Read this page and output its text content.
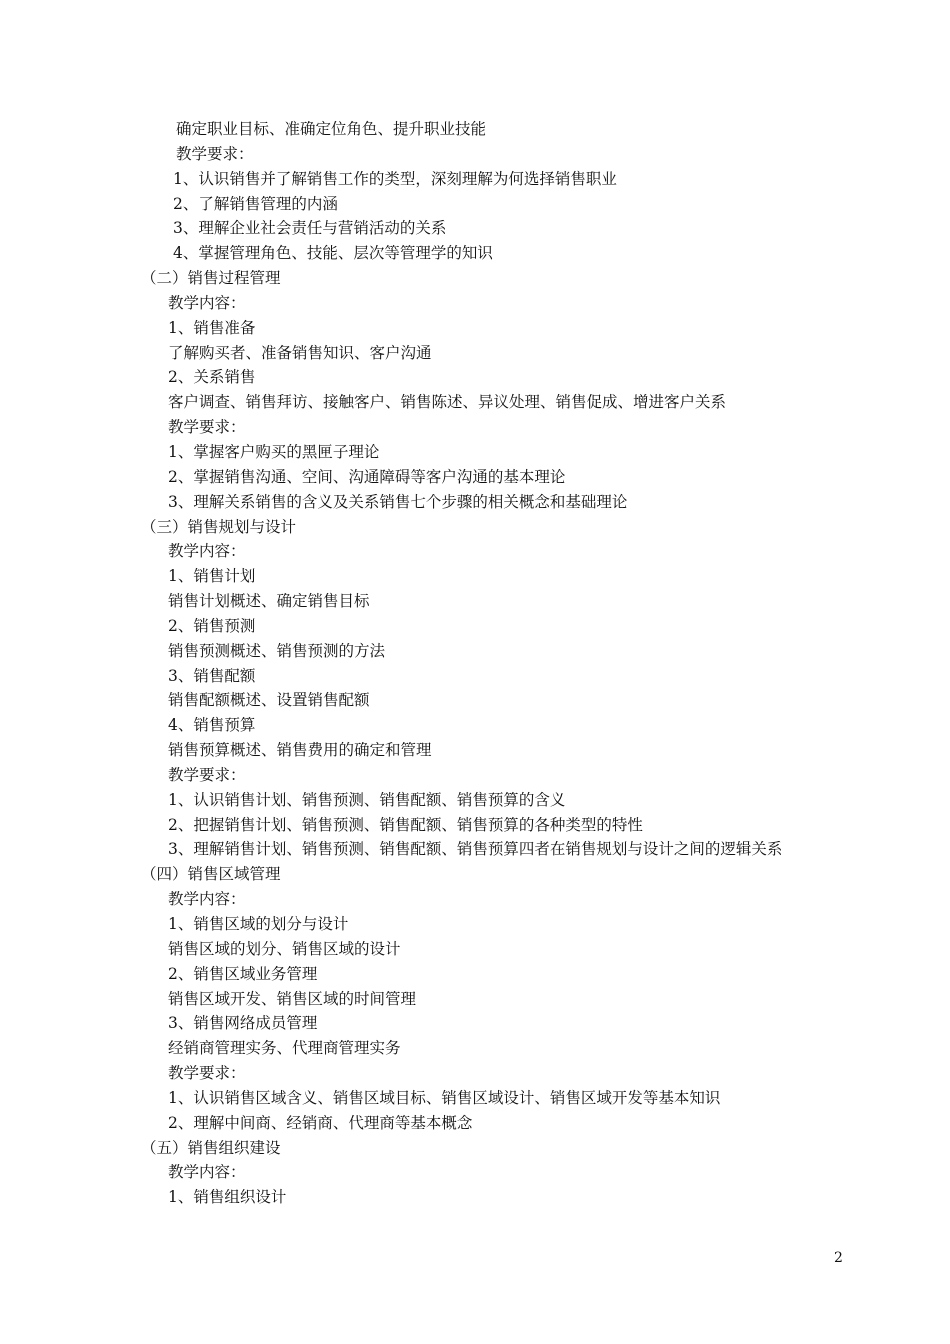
确定职业目标、准确定位角色、提升职业技能
教学要求：
1、认识销售并了解销售工作的类型，深刻理解为何选择销售职业
2、了解销售管理的内涵
3、理解企业社会责任与营销活动的关系
4、掌握管理角色、技能、层次等管理学的知识
（二）销售过程管理
教学内容：
1、销售准备
了解购买者、准备销售知识、客户沟通
2、关系销售
客户调查、销售拜访、接触客户、销售陈述、异议处理、销售促成、增进客户关系
教学要求：
1、掌握客户购买的黑匣子理论
2、掌握销售沟通、空间、沟通障碍等客户沟通的基本理论
3、理解关系销售的含义及关系销售七个步骤的相关概念和基础理论
（三）销售规划与设计
教学内容：
1、销售计划
销售计划概述、确定销售目标
2、销售预测
销售预测概述、销售预测的方法
3、销售配额
销售配额概述、设置销售配额
4、销售预算
销售预算概述、销售费用的确定和管理
教学要求：
1、认识销售计划、销售预测、销售配额、销售预算的含义
2、把握销售计划、销售预测、销售配额、销售预算的各种类型的特性
3、理解销售计划、销售预测、销售配额、销售预算四者在销售规划与设计之间的逻辑关系
（四）销售区域管理
教学内容：
1、销售区域的划分与设计
销售区域的划分、销售区域的设计
2、销售区域业务管理
销售区域开发、销售区域的时间管理
3、销售网络成员管理
经销商管理实务、代理商管理实务
教学要求：
1、认识销售区域含义、销售区域目标、销售区域设计、销售区域开发等基本知识
2、理解中间商、经销商、代理商等基本概念
（五）销售组织建设
教学内容：
1、销售组织设计
2
